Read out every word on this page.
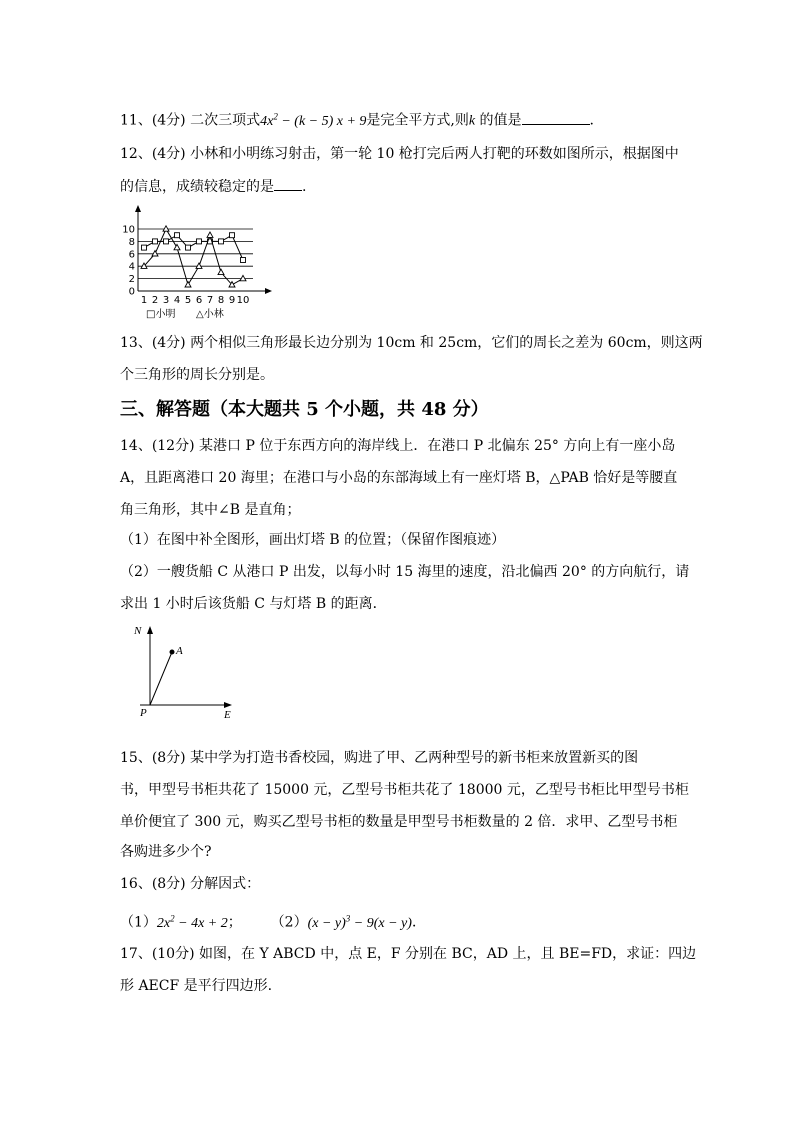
11、(4分) 二次三项式$4x^2 - (k - 5) x + 9$是完全平方式,则k 的值是	.
12、(4分) 小林和小明练习射击，第一轮 10 枪打完后两人打靶的环数如图所示，根据图中
的信息，成绩较稳定的是 .
10
8
6
4
2
0
1 2 3 4 5 6 7 8 9 10
□小明 △小林
13、(4分) 两个相似三角形最长边分别为 10cm 和 25cm，它们的周长之差为 60cm，则这两
个三角形的周长分别是。
三、解答题（本大题共 5 个小题，共 48 分）
14、(12分) 某港口 P 位于东西方向的海岸线上．在港口 P 北偏东 25° 方向上有一座小岛
A，且距离港口 20 海里；在港口与小岛的东部海域上有一座灯塔 B，△PAB 恰好是等腰直
角三角形，其中∠B 是直角；
（1）在图中补全图形，画出灯塔 B 的位置；（保留作图痕迹）
（2）一艘货船 C 从港口 P 出发，以每小时 15 海里的速度，沿北偏西 20° 的方向航行，请
求出 1 小时后该货船 C 与灯塔 B 的距离．
N
E
P
A
15、(8分) 某中学为打造书香校园，购进了甲、乙两种型号的新书柜来放置新买的图
书，甲型号书柜共花了 15000 元，乙型号书柜共花了 18000 元，乙型号书柜比甲型号书柜
单价便宜了 300 元，购买乙型号书柜的数量是甲型号书柜数量的 2 倍．求甲、乙型号书柜
各购进多少个?
16、(8分) 分解因式：
$(1)2x^2 - 4x + 2$； $(2)(x - y)^3 - 9(x - y)$．
17、(10分) 如图，在 Y ABCD 中，点 E，F 分别在 BC，AD 上，且 BE=FD，求证：四边
形 AECF 是平行四边形.
